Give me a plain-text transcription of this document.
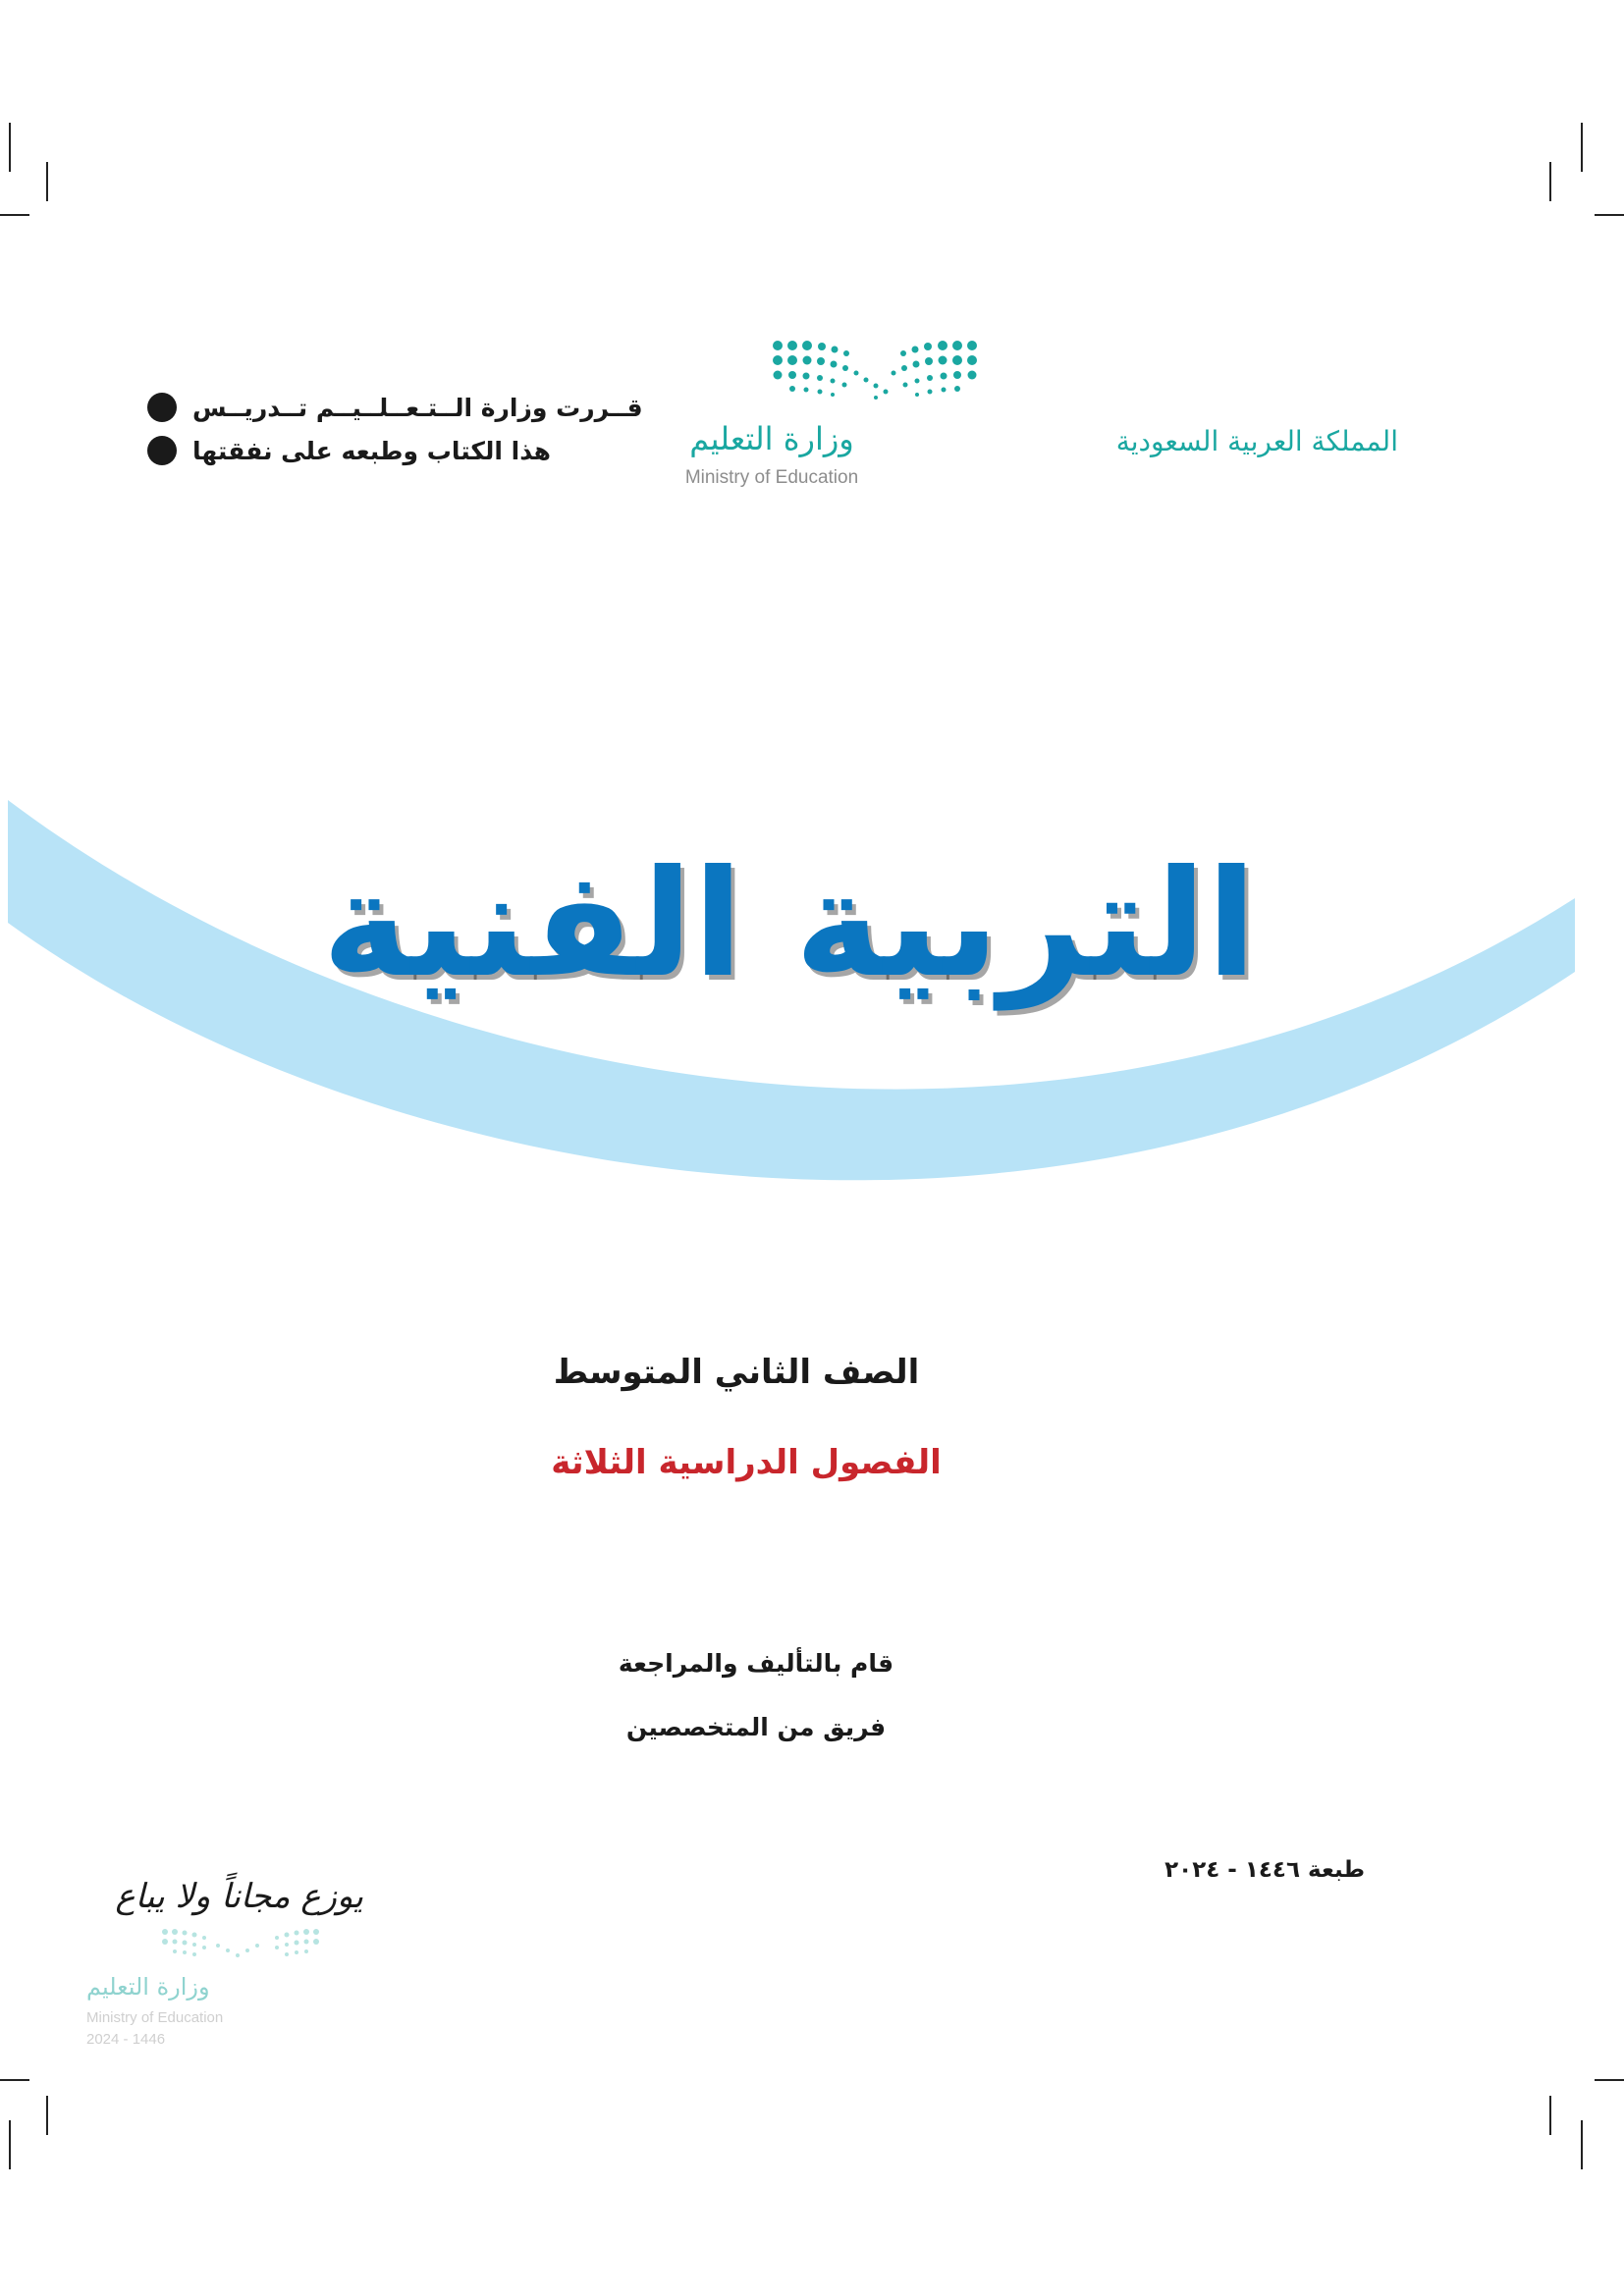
المملكة العربية السعودية
وزارة التعليم
Ministry of Education
قــررت وزارة الــتـعــلــيــم تــدريــس
هذا الكتاب وطبعه على نفقتها
التربية الفنية
الصف الثاني المتوسط
الفصول الدراسية الثلاثة
قام بالتأليف والمراجعة
فريق من المتخصصين
طبعة ١٤٤٦ - ٢٠٢٤
يوزع مجاناً ولا يباع
وزارة التعليم
Ministry of Education
2024 - 1446
